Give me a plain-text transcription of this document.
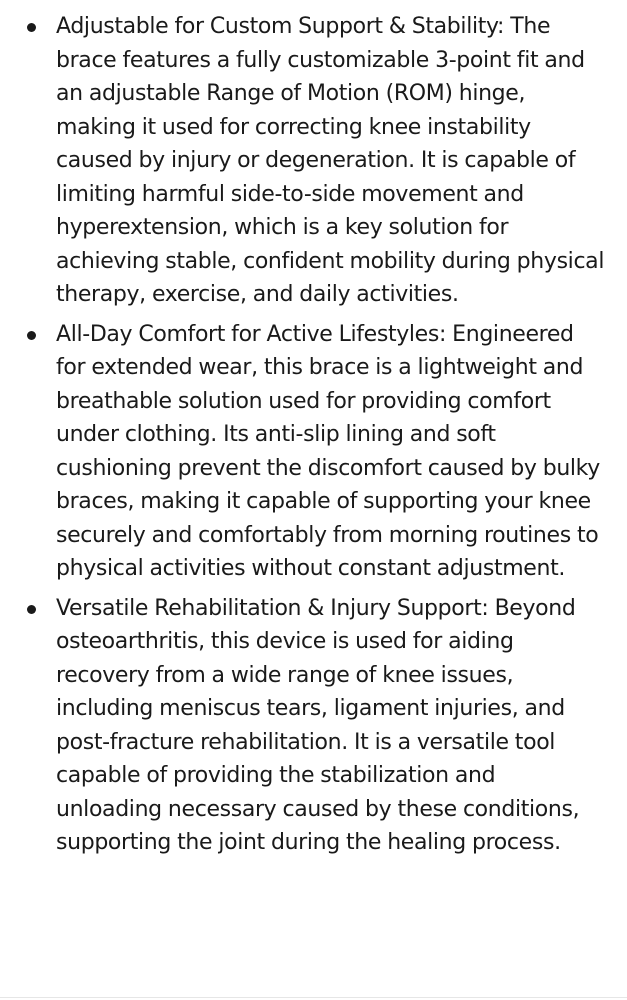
Adjustable for Custom Support & Stability: The brace features a fully customizable 3-point fit and an adjustable Range of Motion (ROM) hinge, making it used for correcting knee instability caused by injury or degeneration. It is capable of limiting harmful side-to-side movement and hyperextension, which is a key solution for achieving stable, confident mobility during physical therapy, exercise, and daily activities.
All-Day Comfort for Active Lifestyles: Engineered for extended wear, this brace is a lightweight and breathable solution used for providing comfort under clothing. Its anti-slip lining and soft cushioning prevent the discomfort caused by bulky braces, making it capable of supporting your knee securely and comfortably from morning routines to physical activities without constant adjustment.
Versatile Rehabilitation & Injury Support: Beyond osteoarthritis, this device is used for aiding recovery from a wide range of knee issues, including meniscus tears, ligament injuries, and post-fracture rehabilitation. It is a versatile tool capable of providing the stabilization and unloading necessary caused by these conditions, supporting the joint during the healing process.
